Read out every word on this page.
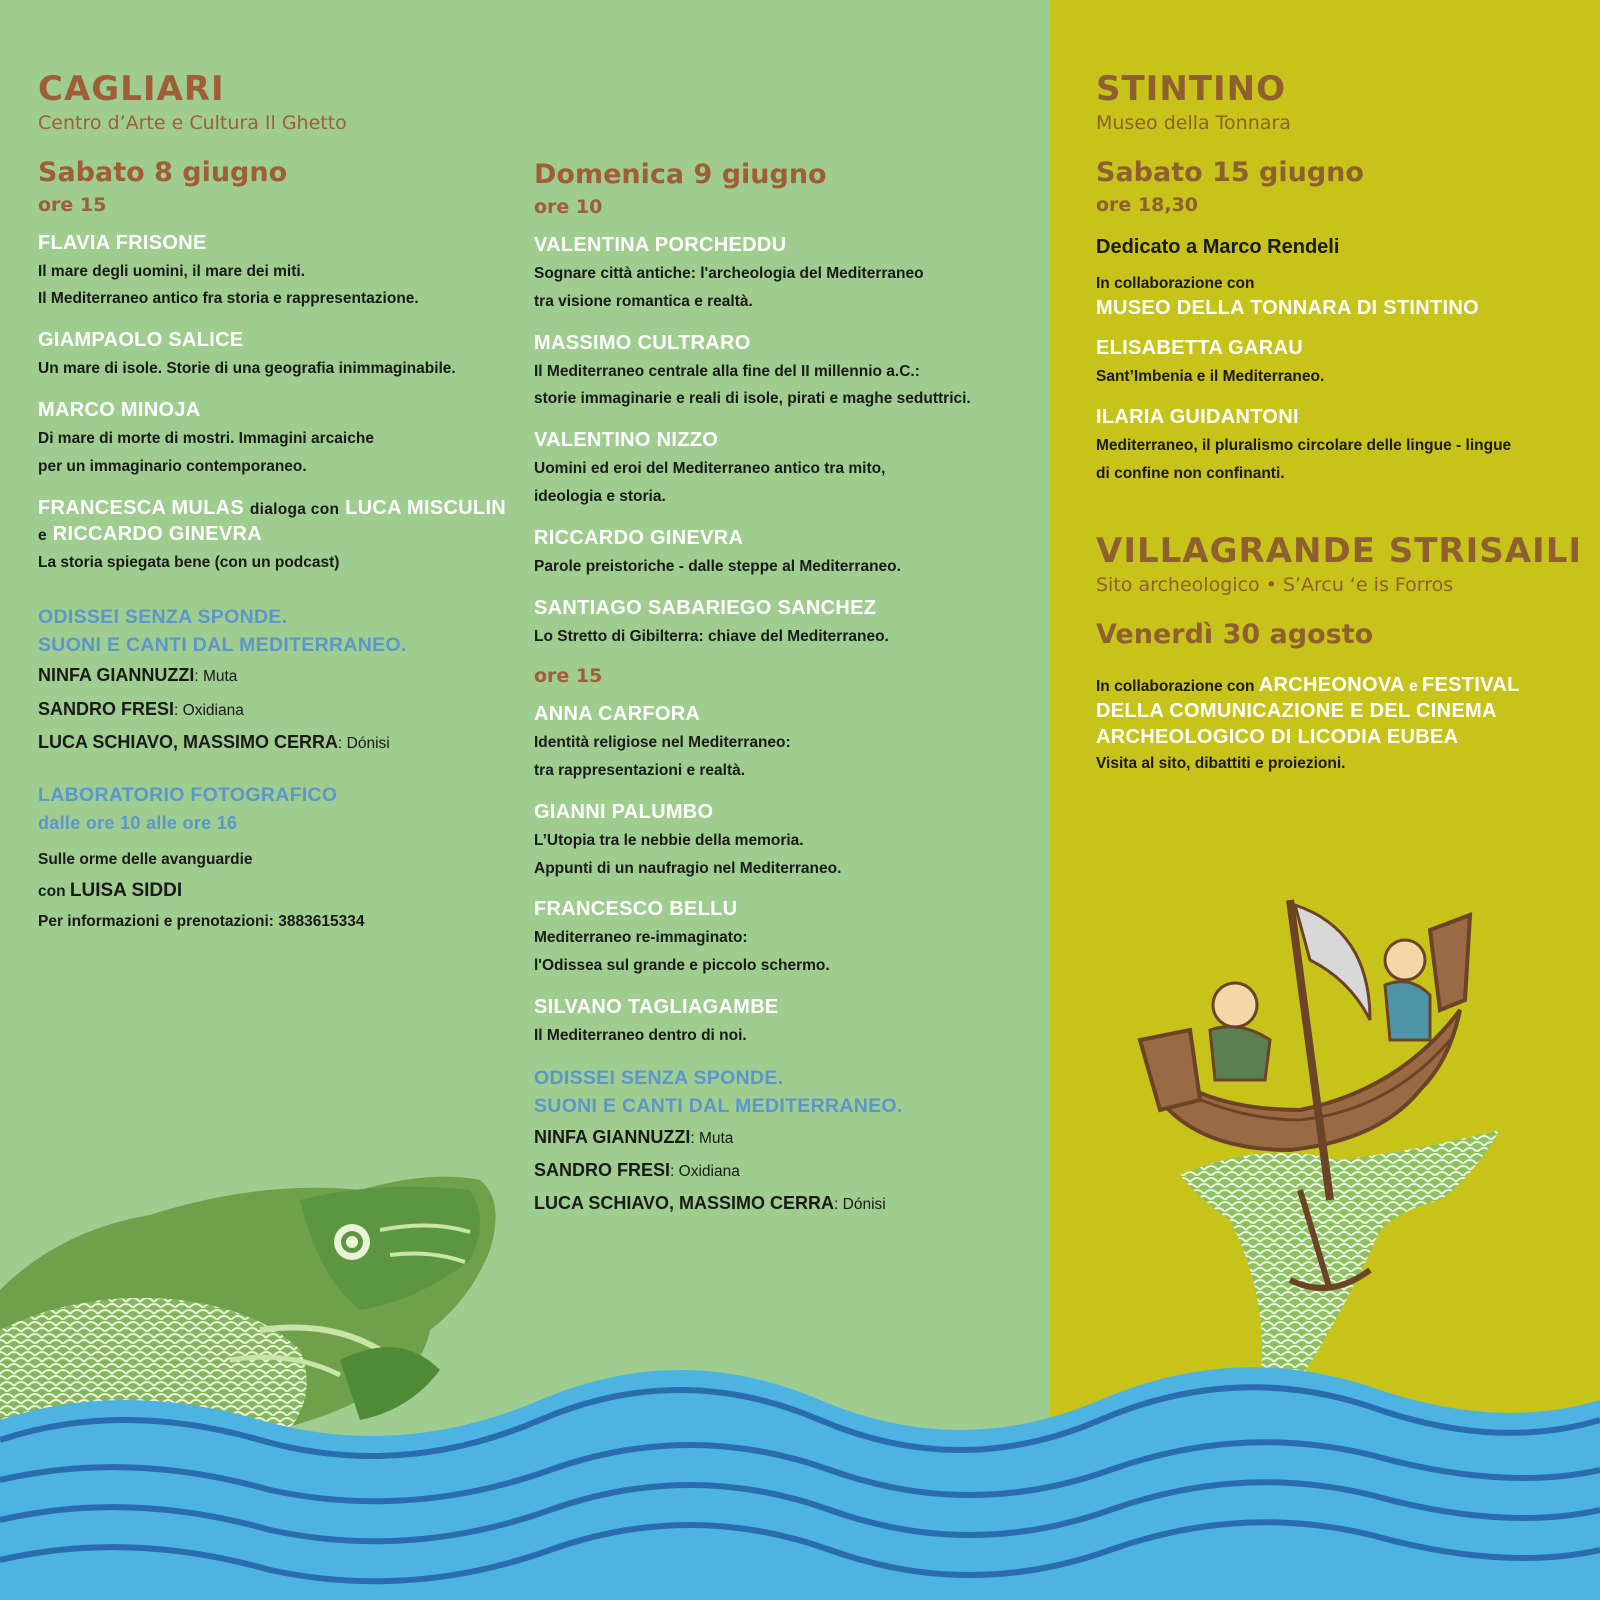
CAGLIARI

Centro d’Arte e Cultura Il Ghetto

Sabato 8 giugno

ore 15

FLAVIA FRISONE

Il mare degli uomini, il mare dei miti.

Il Mediterraneo antico fra storia e rappresentazione.

GIAMPAOLO SALICE

Un mare di isole. Storie di una geografia inimmaginabile.

MARCO MINOJA

Di mare di morte di mostri. Immagini arcaiche

per un immaginario contemporaneo.

FRANCESCA MULAS dialoga con LUCA MISCULIN

e RICCARDO GINEVRA

La storia spiegata bene (con un podcast)

ODISSEI SENZA SPONDE.

SUONI E CANTI DAL MEDITERRANEO.

NINFA GIANNUZZI: Muta

SANDRO FRESI: Oxidiana

LUCA SCHIAVO, MASSIMO CERRA: Dónisi

LABORATORIO FOTOGRAFICO

dalle ore 10 alle ore 16

Sulle orme delle avanguardie

con LUISA SIDDI

Per informazioni e prenotazioni: 3883615334

Domenica 9 giugno

ore 10

VALENTINA PORCHEDDU

Sognare città antiche: l'archeologia del Mediterraneo

tra visione romantica e realtà.

MASSIMO CULTRARO

Il Mediterraneo centrale alla fine del II millennio a.C.:

storie immaginarie e reali di isole, pirati e maghe seduttrici.

VALENTINO NIZZO

Uomini ed eroi del Mediterraneo antico tra mito,

ideologia e storia.

RICCARDO GINEVRA

Parole preistoriche - dalle steppe al Mediterraneo.

SANTIAGO SABARIEGO SANCHEZ

Lo Stretto di Gibilterra: chiave del Mediterraneo.

ore 15

ANNA CARFORA

Identità religiose nel Mediterraneo:

tra rappresentazioni e realtà.

GIANNI PALUMBO

L’Utopia tra le nebbie della memoria.

Appunti di un naufragio nel Mediterraneo.

FRANCESCO BELLU

Mediterraneo re-immaginato:

l'Odissea sul grande e piccolo schermo.

SILVANO TAGLIAGAMBE

Il Mediterraneo dentro di noi.

ODISSEI SENZA SPONDE.

SUONI E CANTI DAL MEDITERRANEO.

NINFA GIANNUZZI: Muta

SANDRO FRESI: Oxidiana

LUCA SCHIAVO, MASSIMO CERRA: Dónisi

STINTINO

Museo della Tonnara

Sabato 15 giugno

ore 18,30

Dedicato a Marco Rendeli

In collaborazione con

MUSEO DELLA TONNARA DI STINTINO

ELISABETTA GARAU

Sant’Imbenia e il Mediterraneo.

ILARIA GUIDANTONI

Mediterraneo, il pluralismo circolare delle lingue - lingue

di confine non confinanti.

VILLAGRANDE STRISAILI

Sito archeologico • S’Arcu ‘e is Forros

Venerdì 30 agosto

In collaborazione con ARCHEONOVA e FESTIVAL

DELLA COMUNICAZIONE E DEL CINEMA

ARCHEOLOGICO DI LICODIA EUBEA

Visita al sito, dibattiti e proiezioni.
